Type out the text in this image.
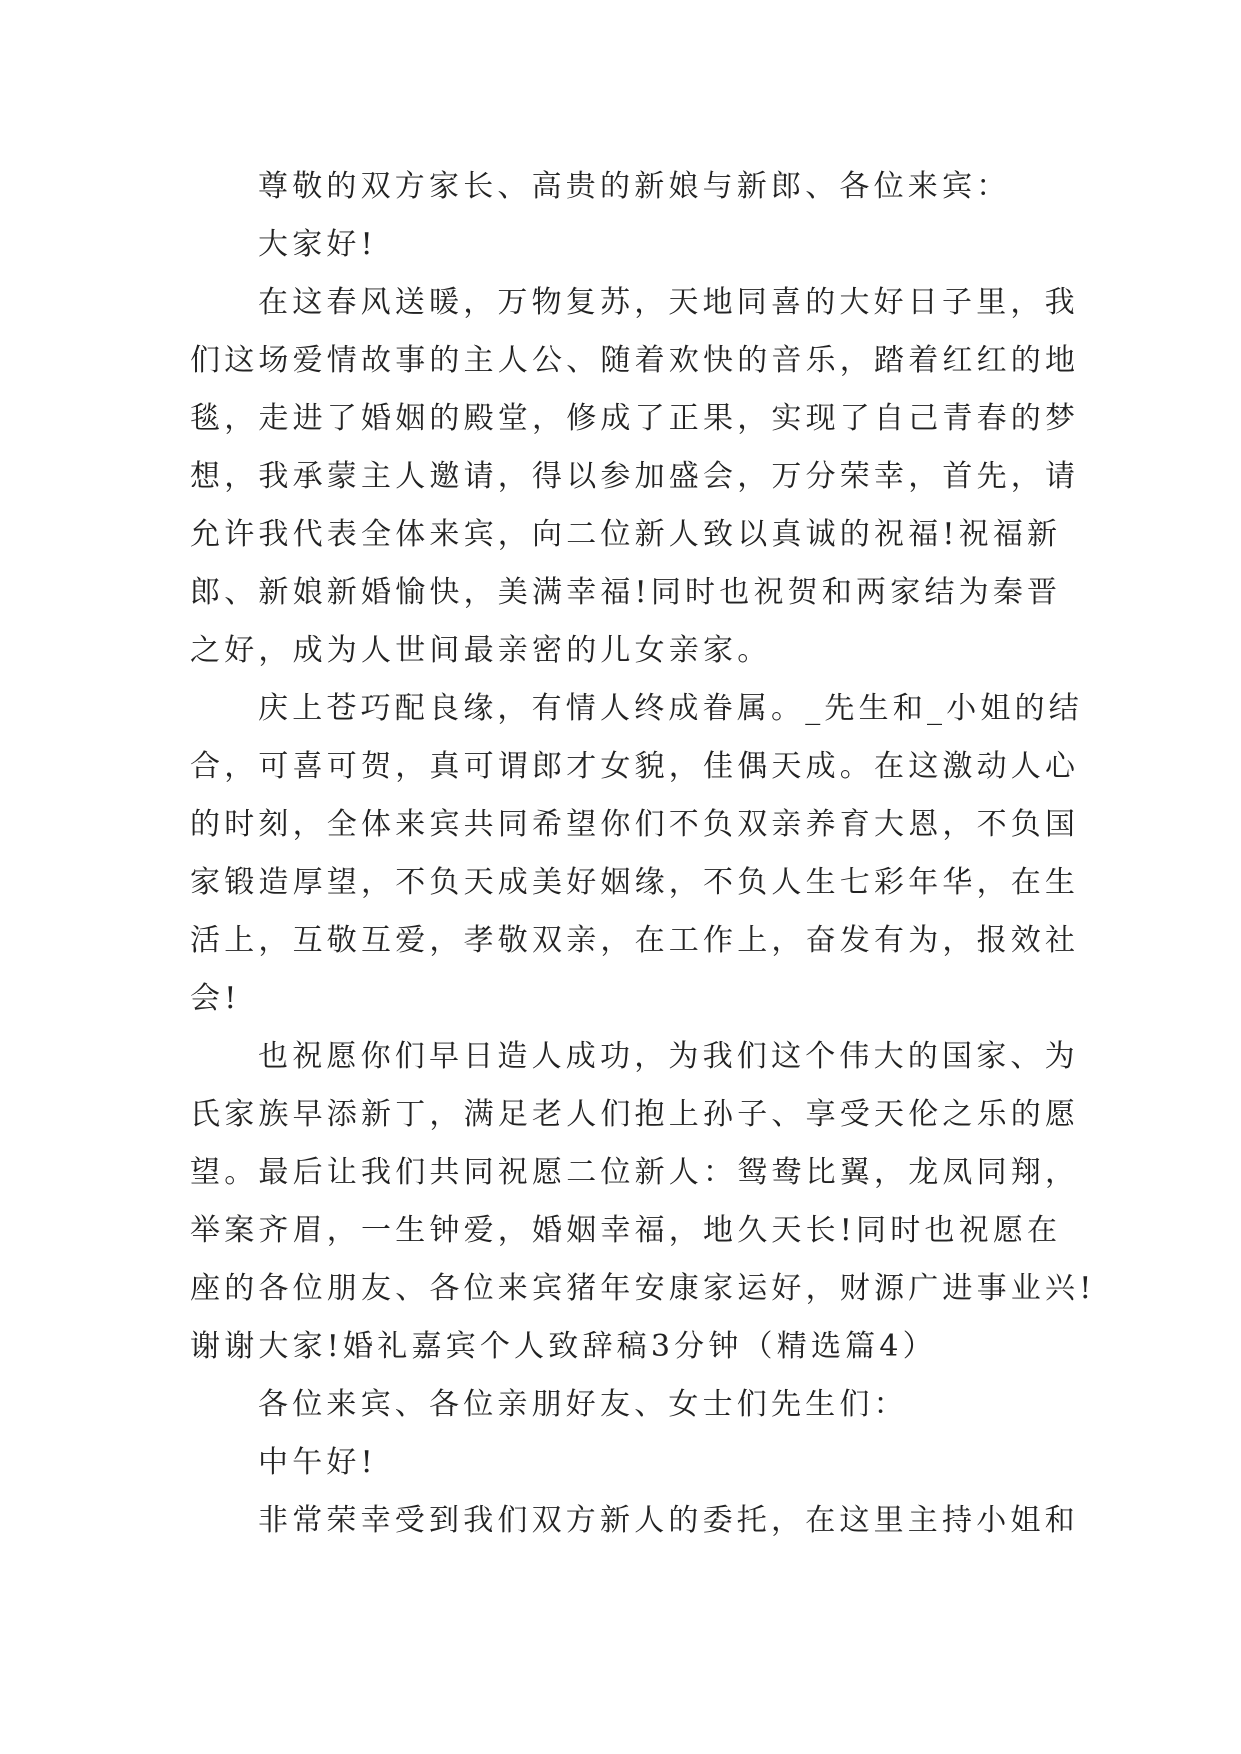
尊敬的双方家长、高贵的新娘与新郎、各位来宾：
大家好!
在这春风送暖，万物复苏，天地同喜的大好日子里，我
们这场爱情故事的主人公、随着欢快的音乐，踏着红红的地
毯，走进了婚姻的殿堂，修成了正果，实现了自己青春的梦
想，我承蒙主人邀请，得以参加盛会，万分荣幸，首先，请
允许我代表全体来宾，向二位新人致以真诚的祝福!祝福新
郎、新娘新婚愉快，美满幸福!同时也祝贺和两家结为秦晋
之好，成为人世间最亲密的儿女亲家。
庆上苍巧配良缘，有情人终成眷属。_先生和_小姐的结
合，可喜可贺，真可谓郎才女貌，佳偶天成。在这激动人心
的时刻，全体来宾共同希望你们不负双亲养育大恩，不负国
家锻造厚望，不负天成美好姻缘，不负人生七彩年华，在生
活上，互敬互爱，孝敬双亲，在工作上，奋发有为，报效社
会!
也祝愿你们早日造人成功，为我们这个伟大的国家、为
氏家族早添新丁，满足老人们抱上孙子、享受天伦之乐的愿
望。最后让我们共同祝愿二位新人：鸳鸯比翼，龙凤同翔，
举案齐眉，一生钟爱，婚姻幸福，地久天长!同时也祝愿在
座的各位朋友、各位来宾猪年安康家运好，财源广进事业兴!
谢谢大家!婚礼嘉宾个人致辞稿3分钟（精选篇4）
各位来宾、各位亲朋好友、女士们先生们：
中午好!
非常荣幸受到我们双方新人的委托，在这里主持小姐和
